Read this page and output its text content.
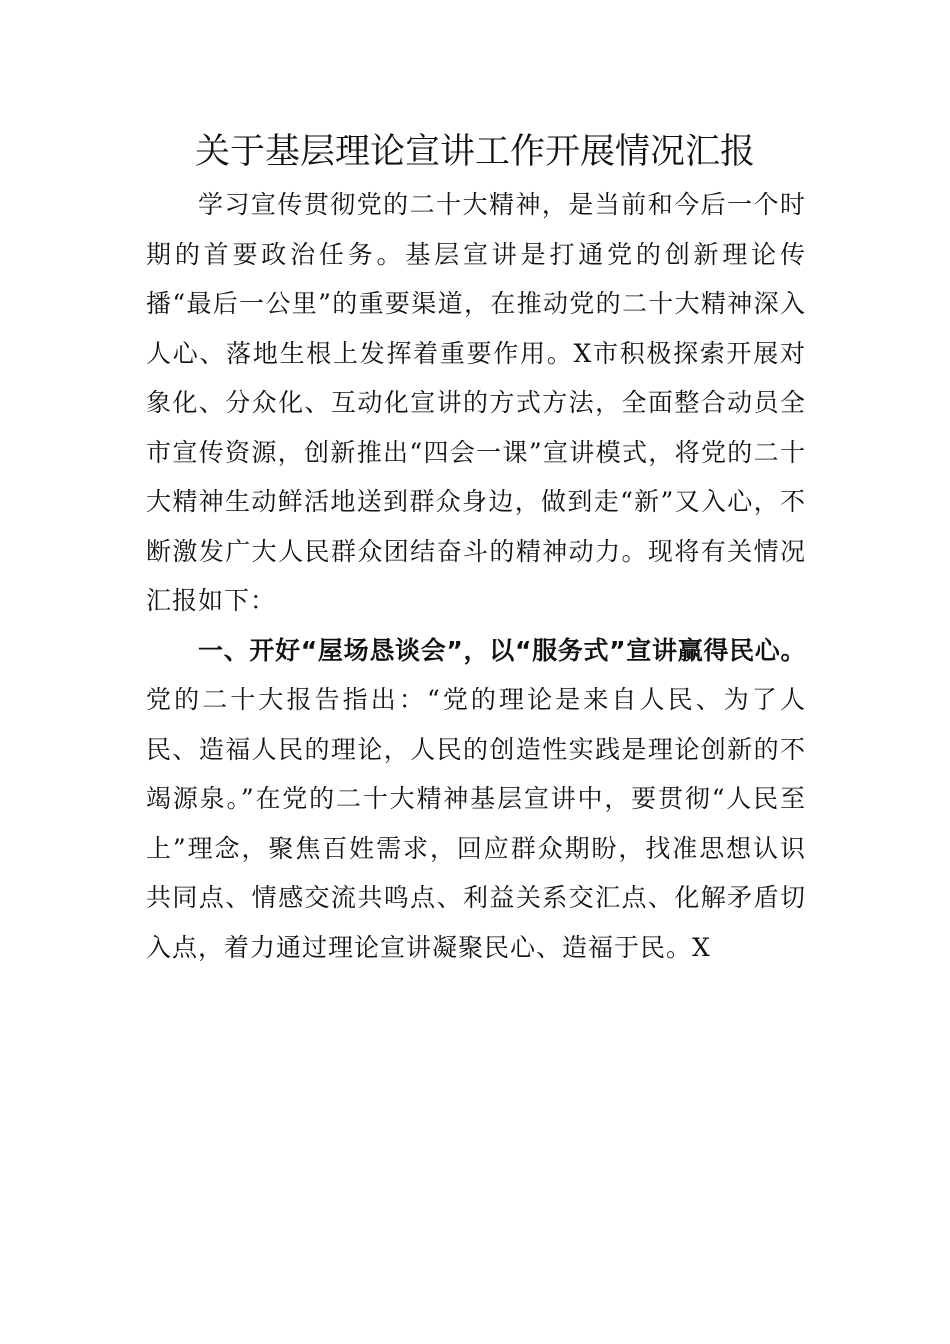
关于基层理论宣讲工作开展情况汇报

学习宣传贯彻党的二十大精神，是当前和今后一个时期的首要政治任务。基层宣讲是打通党的创新理论传播“最后一公里”的重要渠道，在推动党的二十大精神深入人心、落地生根上发挥着重要作用。X市积极探索开展对象化、分众化、互动化宣讲的方式方法，全面整合动员全市宣传资源，创新推出“四会一课”宣讲模式，将党的二十大精神生动鲜活地送到群众身边，做到走“新”又入心，不断激发广大人民群众团结奋斗的精神动力。现将有关情况汇报如下：

一、开好“屋场恳谈会”，以“服务式”宣讲赢得民心。党的二十大报告指出：“党的理论是来自人民、为了人民、造福人民的理论，人民的创造性实践是理论创新的不竭源泉。”在党的二十大精神基层宣讲中，要贯彻“人民至上”理念，聚焦百姓需求，回应群众期盼，找准思想认识共同点、情感交流共鸣点、利益关系交汇点、化解矛盾切入点，着力通过理论宣讲凝聚民心、造福于民。X
